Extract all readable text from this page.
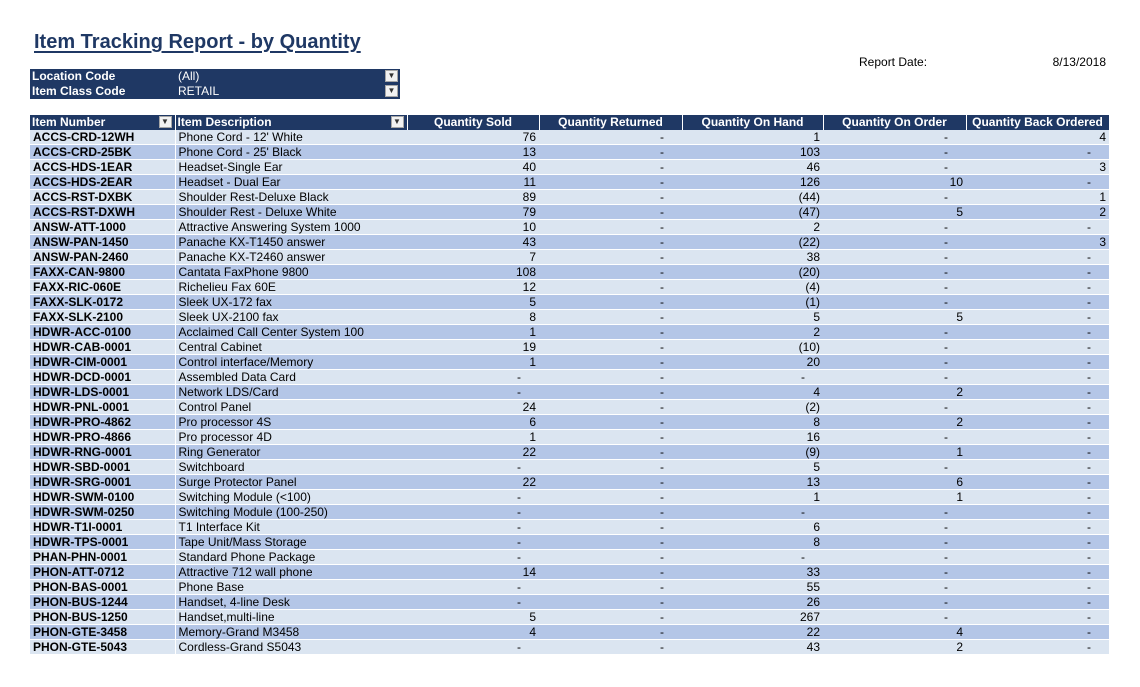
Item Tracking Report - by Quantity
Report Date:	8/13/2018
Location Code	(All)	▼
Item Class Code	RETAIL	▼
Item Number ▼	Item Description ▼	Quantity Sold	Quantity Returned	Quantity On Hand	Quantity On Order	Quantity Back Ordered
ACCS-CRD-12WH	Phone Cord - 12' White	76	-	1	-	4
ACCS-CRD-25BK	Phone Cord - 25' Black	13	-	103	-	-
ACCS-HDS-1EAR	Headset-Single Ear	40	-	46	-	3
ACCS-HDS-2EAR	Headset - Dual Ear	11	-	126	10	-
ACCS-RST-DXBK	Shoulder Rest-Deluxe Black	89	-	(44)	-	1
ACCS-RST-DXWH	Shoulder Rest - Deluxe White	79	-	(47)	5	2
ANSW-ATT-1000	Attractive Answering System 1000	10	-	2	-	-
ANSW-PAN-1450	Panache KX-T1450 answer	43	-	(22)	-	3
ANSW-PAN-2460	Panache KX-T2460 answer	7	-	38	-	-
FAXX-CAN-9800	Cantata FaxPhone 9800	108	-	(20)	-	-
FAXX-RIC-060E	Richelieu Fax 60E	12	-	(4)	-	-
FAXX-SLK-0172	Sleek UX-172 fax	5	-	(1)	-	-
FAXX-SLK-2100	Sleek UX-2100 fax	8	-	5	5	-
HDWR-ACC-0100	Acclaimed Call Center System 100	1	-	2	-	-
HDWR-CAB-0001	Central Cabinet	19	-	(10)	-	-
HDWR-CIM-0001	Control interface/Memory	1	-	20	-	-
HDWR-DCD-0001	Assembled Data Card	-	-	-	-	-
HDWR-LDS-0001	Network LDS/Card	-	-	4	2	-
HDWR-PNL-0001	Control Panel	24	-	(2)	-	-
HDWR-PRO-4862	Pro processor 4S	6	-	8	2	-
HDWR-PRO-4866	Pro processor 4D	1	-	16	-	-
HDWR-RNG-0001	Ring Generator	22	-	(9)	1	-
HDWR-SBD-0001	Switchboard	-	-	5	-	-
HDWR-SRG-0001	Surge Protector Panel	22	-	13	6	-
HDWR-SWM-0100	Switching Module (<100)	-	-	1	1	-
HDWR-SWM-0250	Switching Module (100-250)	-	-	-	-	-
HDWR-T1I-0001	T1 Interface Kit	-	-	6	-	-
HDWR-TPS-0001	Tape Unit/Mass Storage	-	-	8	-	-
PHAN-PHN-0001	Standard Phone Package	-	-	-	-	-
PHON-ATT-0712	Attractive 712 wall phone	14	-	33	-	-
PHON-BAS-0001	Phone Base	-	-	55	-	-
PHON-BUS-1244	Handset, 4-line Desk	-	-	26	-	-
PHON-BUS-1250	Handset,multi-line	5	-	267	-	-
PHON-GTE-3458	Memory-Grand M3458	4	-	22	4	-
PHON-GTE-5043	Cordless-Grand S5043	-	-	43	2	-
